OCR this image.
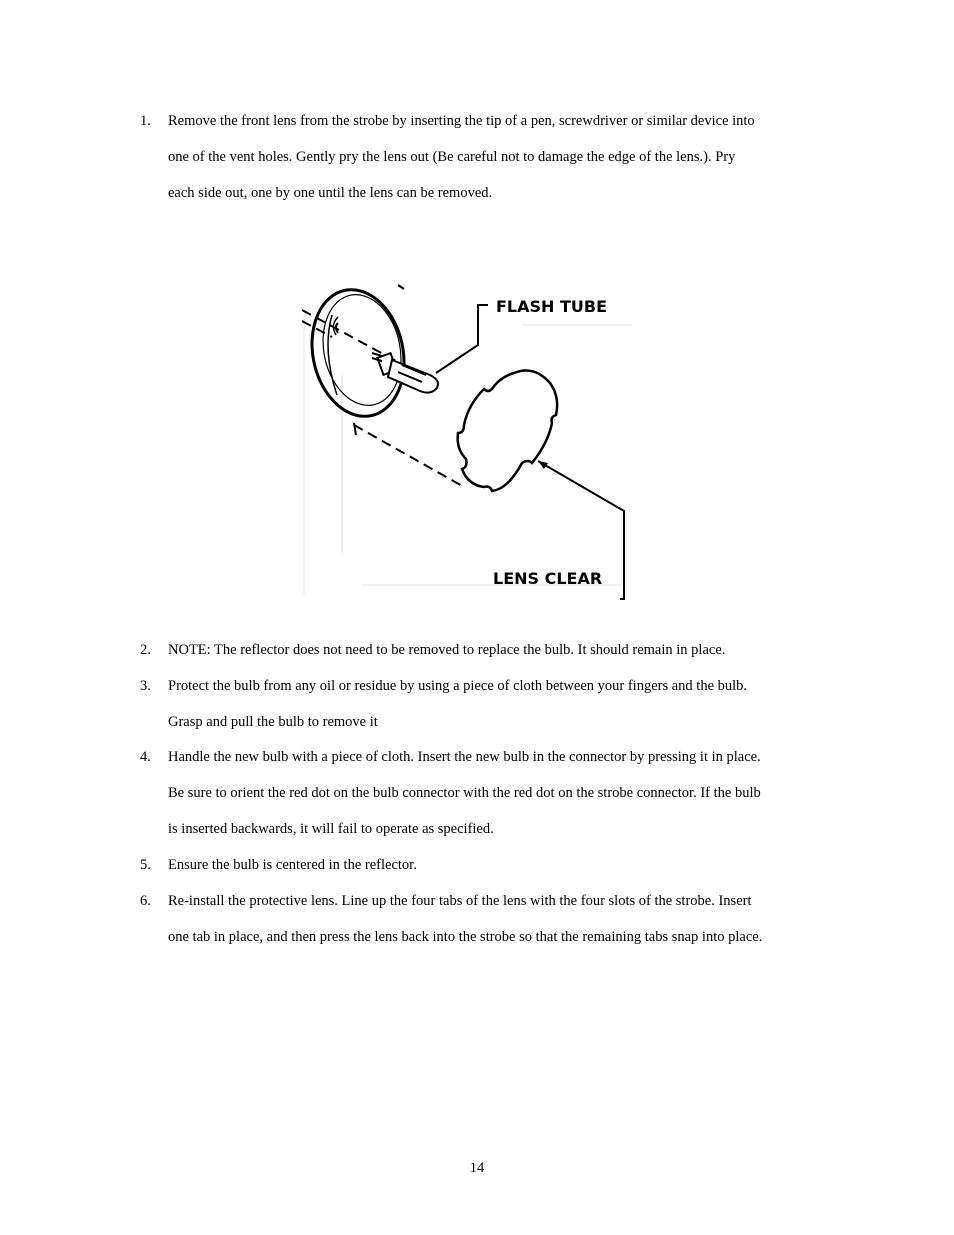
1.	Remove the front lens from the strobe by inserting the tip of a pen, screwdriver or similar device into
one of the vent holes. Gently pry the lens out (Be careful not to damage the edge of the lens.). Pry
each side out, one by one until the lens can be removed.
FLASH TUBE
LENS CLEAR
2.	NOTE: The reflector does not need to be removed to replace the bulb. It should remain in place.
3.	Protect the bulb from any oil or residue by using a piece of cloth between your fingers and the bulb.
Grasp and pull the bulb to remove it
4.	Handle the new bulb with a piece of cloth. Insert the new bulb in the connector by pressing it in place.
Be sure to orient the red dot on the bulb connector with the red dot on the strobe connector. If the bulb
is inserted backwards, it will fail to operate as specified.
5.	Ensure the bulb is centered in the reflector.
6.	Re-install the protective lens. Line up the four tabs of the lens with the four slots of the strobe. Insert
one tab in place, and then press the lens back into the strobe so that the remaining tabs snap into place.
14
